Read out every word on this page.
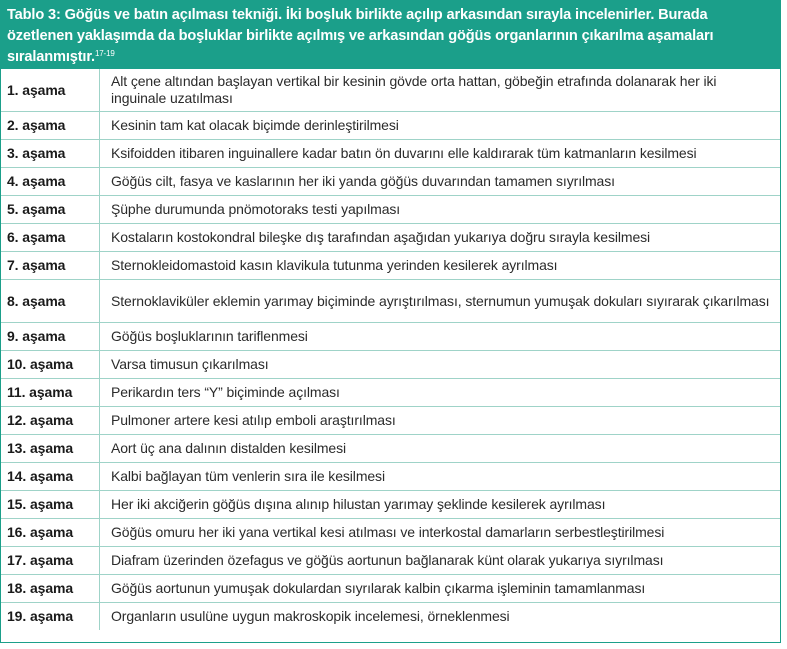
Tablo 3: Göğüs ve batın açılması tekniği. İki boşluk birlikte açılıp arkasından sırayla incelenirler. Burada özetlenen yaklaşımda da boşluklar birlikte açılmış ve arkasından göğüs organlarının çıkarılma aşamaları sıralanmıştır.$^{17-19}$
1. aşama	Alt çene altından başlayan vertikal bir kesinin gövde orta hattan, göbeğin etrafında dolanarak her iki inguinale uzatılması
2. aşama	Kesinin tam kat olacak biçimde derinleştirilmesi
3. aşama	Ksifoidden itibaren inguinallere kadar batın ön duvarını elle kaldırarak tüm katmanların kesilmesi
4. aşama	Göğüs cilt, fasya ve kaslarının her iki yanda göğüs duvarından tamamen sıyrılması
5. aşama	Şüphe durumunda pnömotoraks testi yapılması
6. aşama	Kostaların kostokondral bileşke dış tarafından aşağıdan yukarıya doğru sırayla kesilmesi
7. aşama	Sternokleidomastoid kasın klavikula tutunma yerinden kesilerek ayrılması
8. aşama	Sternoklaviküler eklemin yarımay biçiminde ayrıştırılması, sternumun yumuşak dokuları sıyırarak çıkarılması
9. aşama	Göğüs boşluklarının tariflenmesi
10. aşama	Varsa timusun çıkarılması
11. aşama	Perikardın ters “Y” biçiminde açılması
12. aşama	Pulmoner artere kesi atılıp emboli araştırılması
13. aşama	Aort üç ana dalının distalden kesilmesi
14. aşama	Kalbi bağlayan tüm venlerin sıra ile kesilmesi
15. aşama	Her iki akciğerin göğüs dışına alınıp hilustan yarımay şeklinde kesilerek ayrılması
16. aşama	Göğüs omuru her iki yana vertikal kesi atılması ve interkostal damarların serbestleştirilmesi
17. aşama	Diafram üzerinden özefagus ve göğüs aortunun bağlanarak künt olarak yukarıya sıyrılması
18. aşama	Göğüs aortunun yumuşak dokulardan sıyrılarak kalbin çıkarma işleminin tamamlanması
19. aşama	Organların usulüne uygun makroskopik incelemesi, örneklenmesi
